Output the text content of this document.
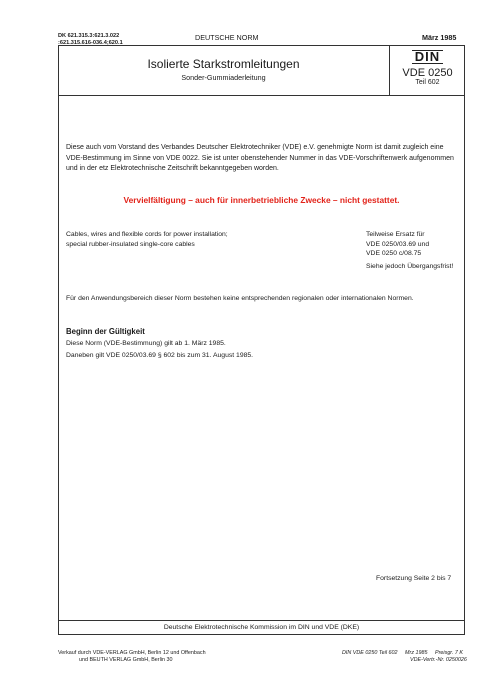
DK 621.315.3:621.3.022
:621.315.616-036.4;620.1
DEUTSCHE NORM	März 1985
Isolierte Starkstromleitungen
Sonder-Gummiaderleitung
DIN
VDE 0250
Teil 602

Diese auch vom Vorstand des Verbandes Deutscher Elektrotechniker (VDE) e.V. genehmigte Norm ist damit zugleich eine VDE-Bestimmung im Sinne von VDE 0022. Sie ist unter obenstehender Nummer in das VDE-Vorschriftenwerk aufgenommen und in der etz Elektrotechnische Zeitschrift bekanntgegeben worden.

Vervielfältigung – auch für innerbetriebliche Zwecke – nicht gestattet.
Cables, wires and flexible cords for power installation;
special rubber-insulated single-core cables
Teilweise Ersatz für
VDE 0250/03.69 und
VDE 0250 c/08.75
Siehe jedoch Übergangsfrist!
Für den Anwendungsbereich dieser Norm bestehen keine entsprechenden regionalen oder internationalen Normen.
Beginn der Gültigkeit
Diese Norm (VDE-Bestimmung) gilt ab 1. März 1985.
Daneben gilt VDE 0250/03.69 § 602 bis zum 31. August 1985.
Fortsetzung Seite 2 bis 7
Deutsche Elektrotechnische Kommission im DIN und VDE (DKE)
Verkauf durch VDE-VERLAG GmbH, Berlin 12 und Offenbach
und BEUTH VERLAG GmbH, Berlin 30
DIN VDE 0250 Teil 602 Mrz 1985 Preisgr. 7 K
VDE-Vertr.-Nr. 0250026
